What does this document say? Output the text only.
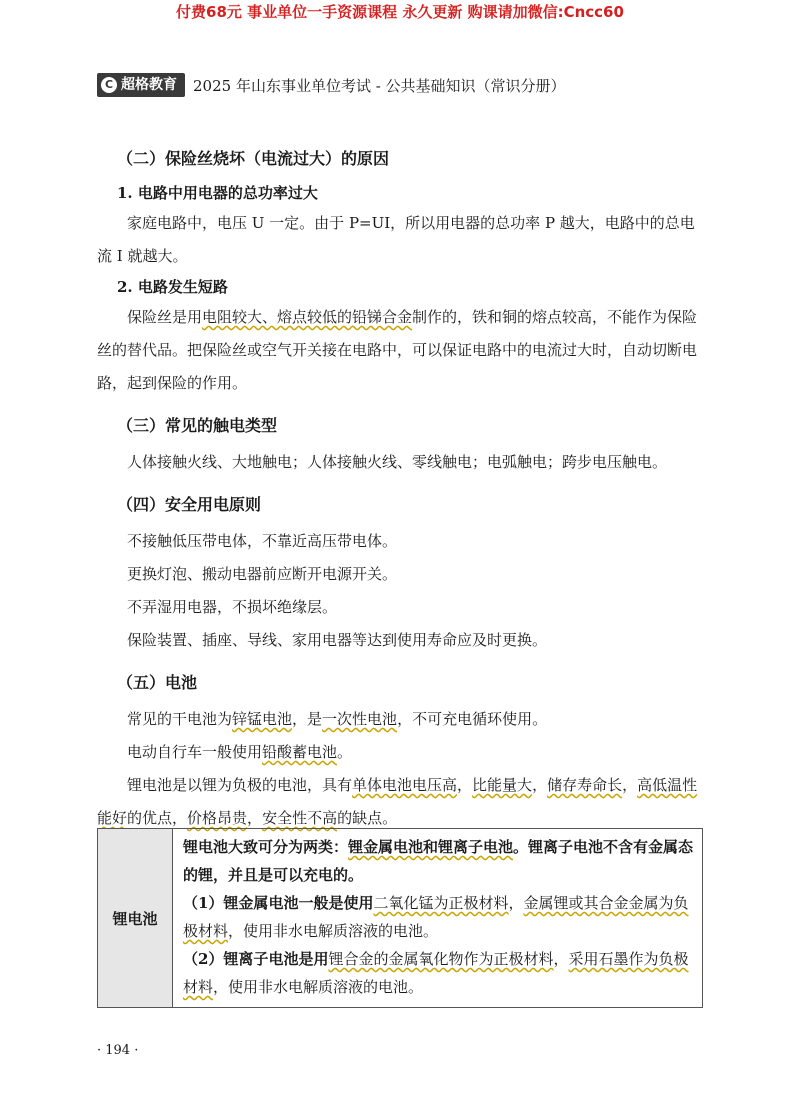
付费68元 事业单位一手资源课程 永久更新 购课请加微信:Cncc60
C 超格教育 2025 年山东事业单位考试 - 公共基础知识（常识分册）

（二）保险丝烧坏（电流过大）的原因

1. 电路中用电器的总功率过大

家庭电路中，电压 U 一定。由于 P=UI，所以用电器的总功率 P 越大，电路中的总电流 I 就越大。

2. 电路发生短路

保险丝是用电阻较大、熔点较低的铅锑合金制作的，铁和铜的熔点较高，不能作为保险丝的替代品。把保险丝或空气开关接在电路中，可以保证电路中的电流过大时，自动切断电路，起到保险的作用。

（三）常见的触电类型

人体接触火线、大地触电；人体接触火线、零线触电；电弧触电；跨步电压触电。

（四）安全用电原则

不接触低压带电体，不靠近高压带电体。

更换灯泡、搬动电器前应断开电源开关。

不弄湿用电器，不损坏绝缘层。

保险装置、插座、导线、家用电器等达到使用寿命应及时更换。

（五）电池

常见的干电池为锌锰电池，是一次性电池，不可充电循环使用。

电动自行车一般使用铅酸蓄电池。

锂电池是以锂为负极的电池，具有单体电池电压高，比能量大，储存寿命长，高低温性能好的优点，价格昂贵，安全性不高的缺点。

锂电池	
锂电池大致可分为两类：锂金属电池和锂离子电池。锂离子电池不含有金属态的锂，并且是可以充电的。
（1）锂金属电池一般是使用二氧化锰为正极材料，金属锂或其合金金属为负极材料，使用非水电解质溶液的电池。
（2）锂离子电池是用锂合金的金属氧化物作为正极材料，采用石墨作为负极材料，使用非水电解质溶液的电池。
· 194 ·
